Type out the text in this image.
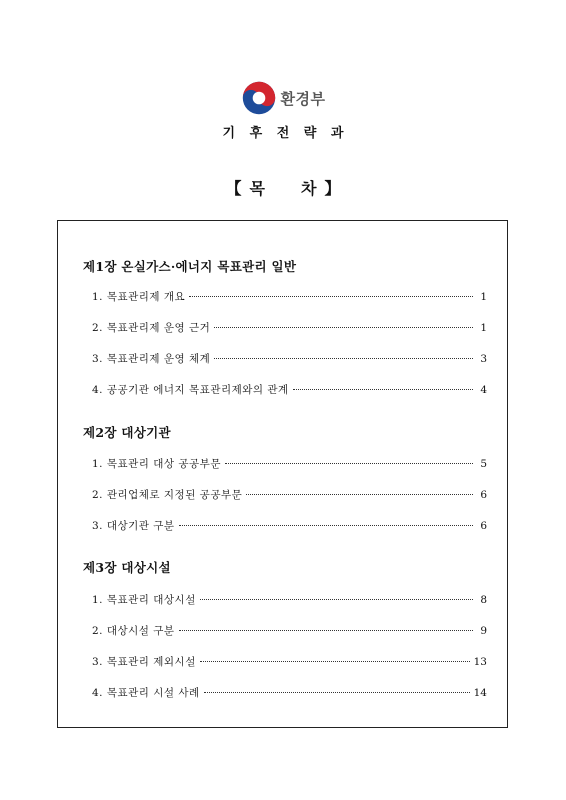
환경부
기 후 전 략 과
【 목 차 】
제1장 온실가스·에너지 목표관리 일반
1. 목표관리제 개요	1
2. 목표관리제 운영 근거	1
3. 목표관리제 운영 체계	3
4. 공공기관 에너지 목표관리제와의 관계	4
제2장 대상기관
1. 목표관리 대상 공공부문	5
2. 관리업체로 지정된 공공부문	6
3. 대상기관 구분	6
제3장 대상시설
1. 목표관리 대상시설	8
2. 대상시설 구분	9
3. 목표관리 제외시설	13
4. 목표관리 시설 사례	14
